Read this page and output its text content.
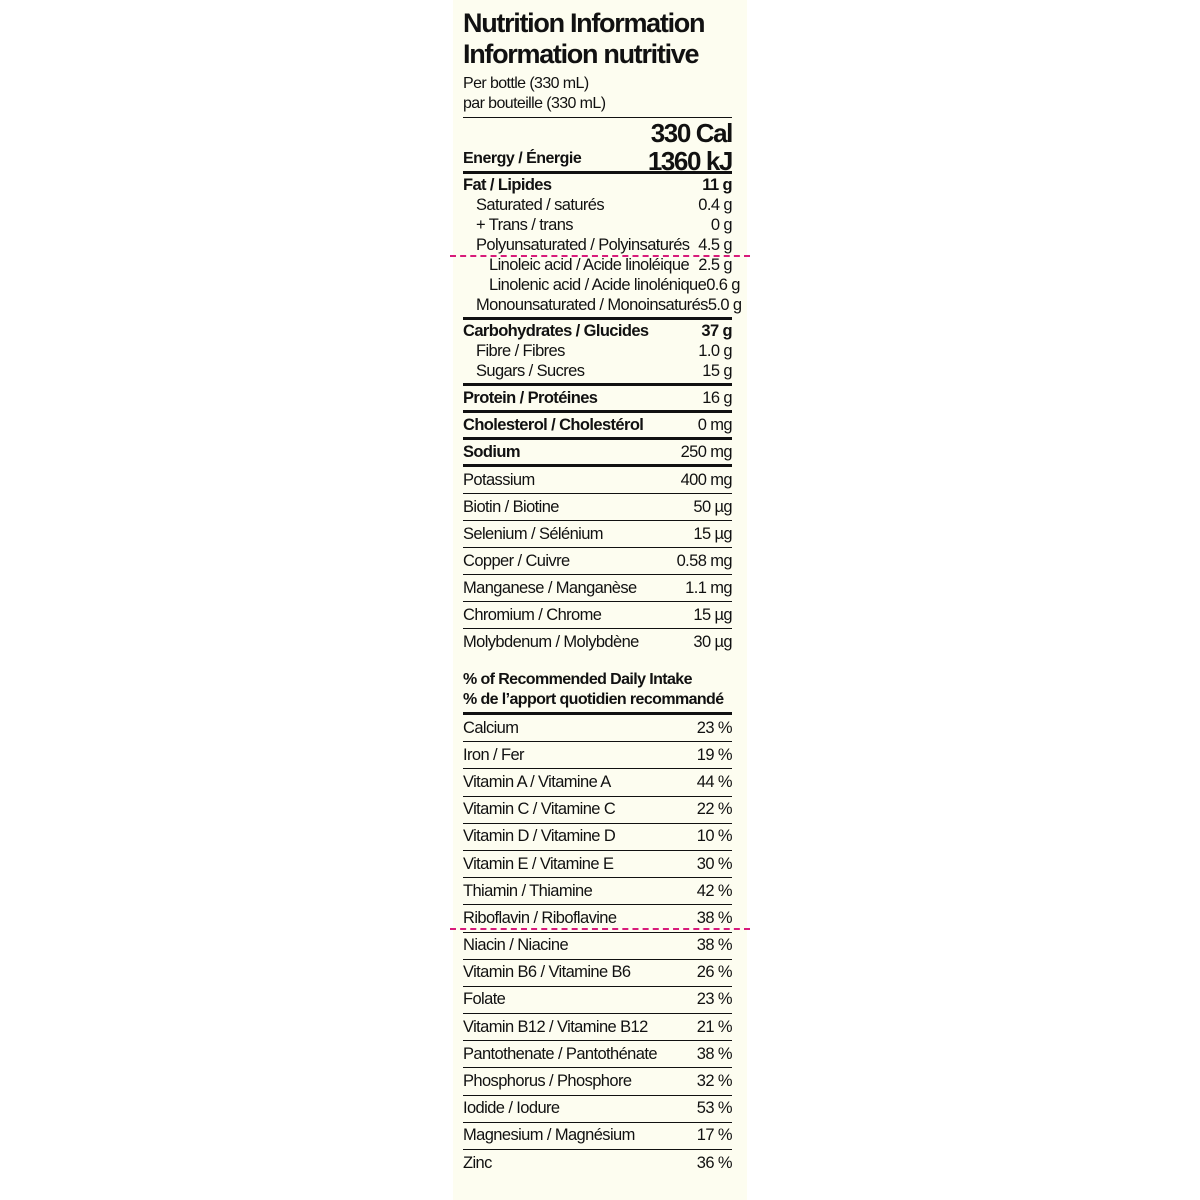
Nutrition Information
Information nutritive
Per bottle (330 mL)
par bouteille (330 mL)
Energy / Énergie
330 Cal
1360 kJ
Fat / Lipides	11 g
Saturated / saturés	0.4 g
+ Trans / trans	0 g
Polyunsaturated / Polyinsaturés 4.5 g
Linoleic acid / Acide linoléique 2.5 g
Linolenic acid / Acide linolénique 0.6 g
Monounsaturated / Monoinsaturés 5.0 g
Carbohydrates / Glucides	37 g
Fibre / Fibres	1.0 g
Sugars / Sucres	15 g
Protein / Protéines	16 g
Cholesterol / Cholestérol	0 mg
Sodium	250 mg
Potassium	400 mg
Biotin / Biotine	50 µg
Selenium / Sélénium	15 µg
Copper / Cuivre	0.58 mg
Manganese / Manganèse	1.1 mg
Chromium / Chrome	15 µg
Molybdenum / Molybdène	30 µg
% of Recommended Daily Intake
% de l’apport quotidien recommandé
Calcium	23 %
Iron / Fer	19 %
Vitamin A / Vitamine A	44 %
Vitamin C / Vitamine C	22 %
Vitamin D / Vitamine D	10 %
Vitamin E / Vitamine E	30 %
Thiamin / Thiamine	42 %
Riboflavin / Riboflavine	38 %
Niacin / Niacine	38 %
Vitamin B6 / Vitamine B6	26 %
Folate	23 %
Vitamin B12 / Vitamine B12	21 %
Pantothenate / Pantothénate 38 %
Phosphorus / Phosphore	32 %
Iodide / Iodure	53 %
Magnesium / Magnésium	17 %
Zinc	36 %
